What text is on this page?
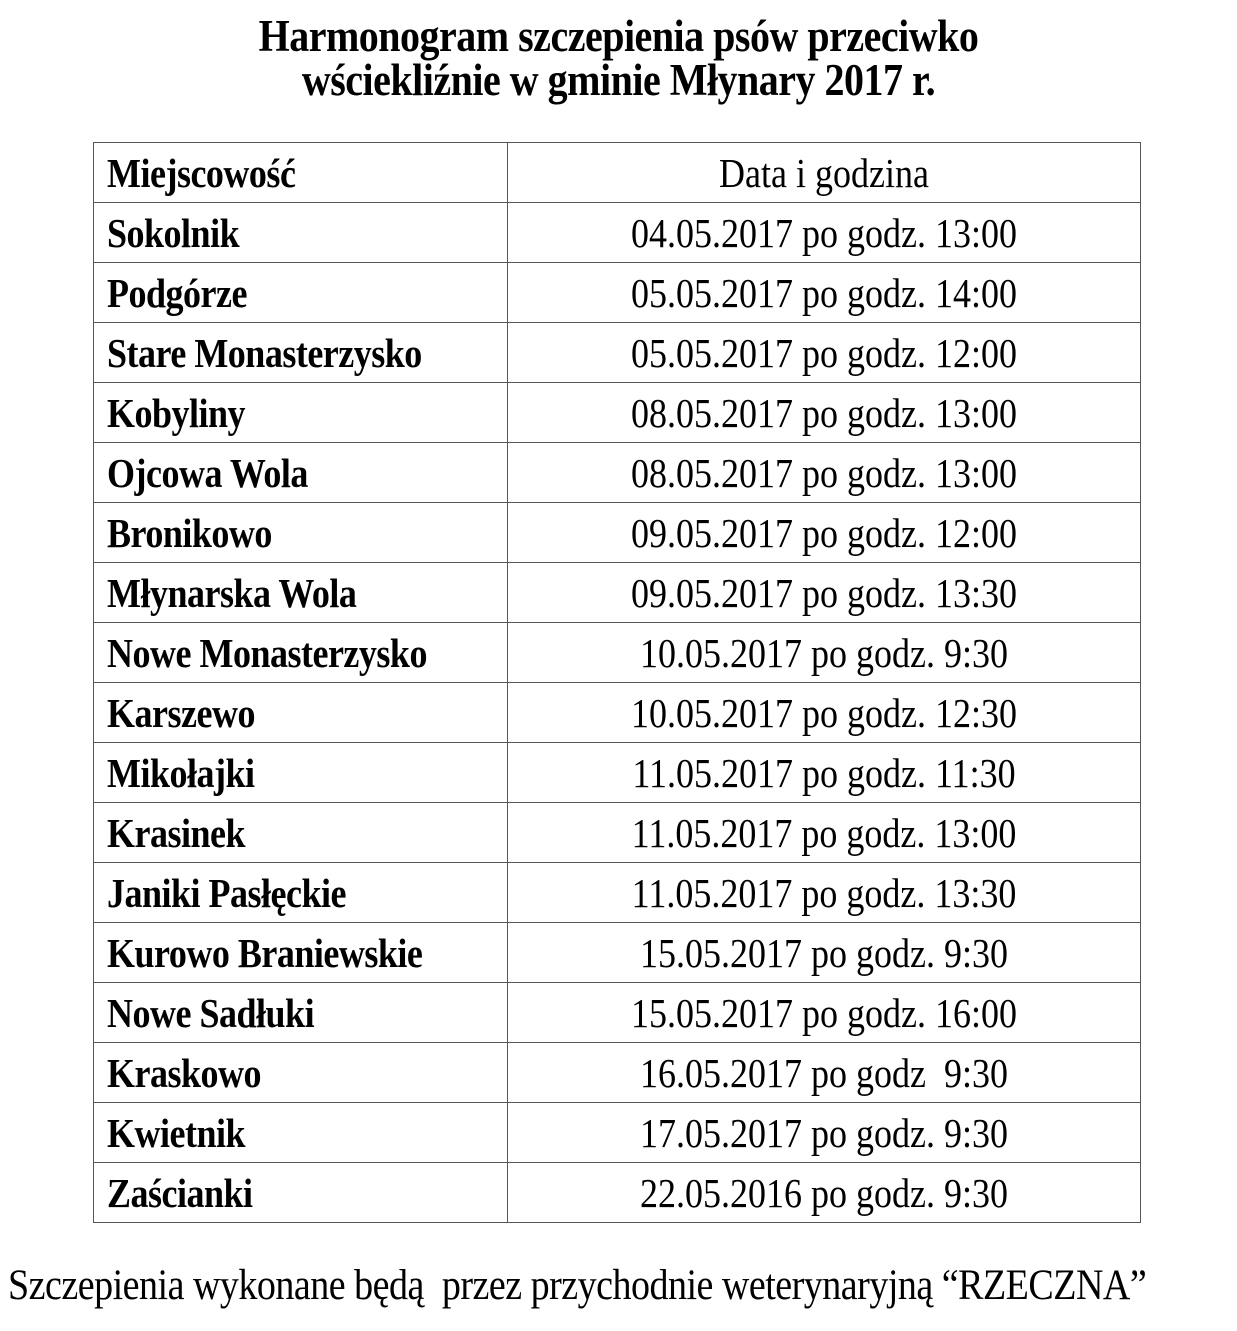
Harmonogram szczepienia psów przeciwko
wściekliźnie w gminie Młynary 2017 r.
Miejscowość	Data i godzina
Sokolnik	04.05.2017 po godz. 13:00
Podgórze	05.05.2017 po godz. 14:00
Stare Monasterzysko	05.05.2017 po godz. 12:00
Kobyliny	08.05.2017 po godz. 13:00
Ojcowa Wola	08.05.2017 po godz. 13:00
Bronikowo	09.05.2017 po godz. 12:00
Młynarska Wola	09.05.2017 po godz. 13:30
Nowe Monasterzysko	10.05.2017 po godz. 9:30
Karszewo	10.05.2017 po godz. 12:30
Mikołajki	11.05.2017 po godz. 11:30
Krasinek	11.05.2017 po godz. 13:00
Janiki Pasłęckie	11.05.2017 po godz. 13:30
Kurowo Braniewskie	15.05.2017 po godz. 9:30
Nowe Sadłuki	15.05.2017 po godz. 16:00
Kraskowo	16.05.2017 po godz  9:30
Kwietnik	17.05.2017 po godz. 9:30
Zaścianki	22.05.2016 po godz. 9:30

Szczepienia wykonane będą  przez przychodnie weterynaryjną “RZECZNA”
